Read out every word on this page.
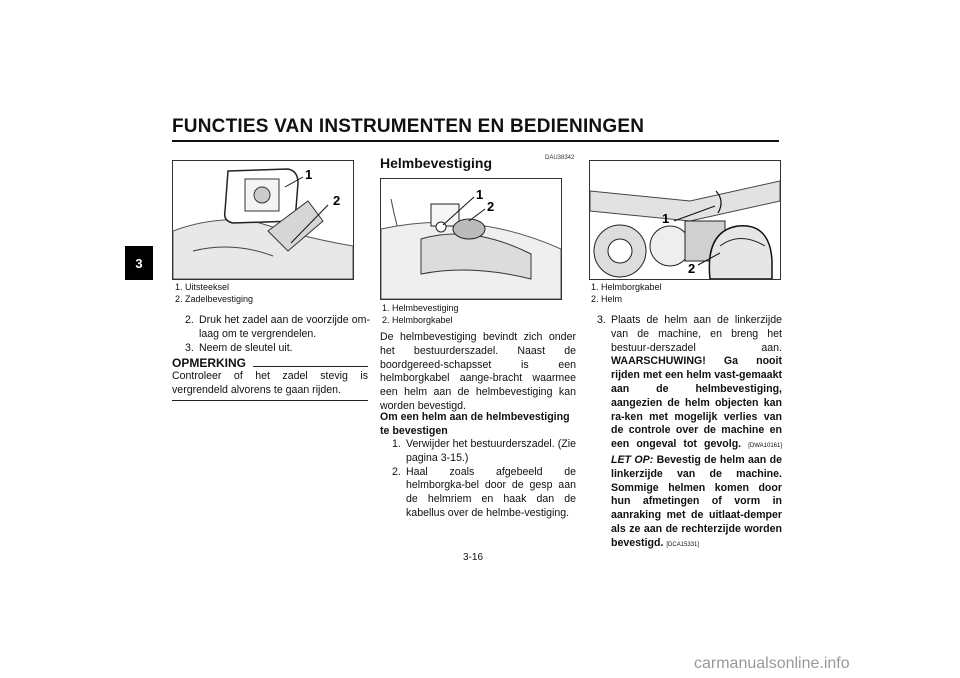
FUNCTIES VAN INSTRUMENTEN EN BEDIENINGEN
3
1
2
1. Uitsteeksel
2. Zadelbevestiging
2. Druk het zadel aan de voorzijde om-laag om te vergrendelen.
3. Neem de sleutel uit.
OPMERKING
Controleer of het zadel stevig is vergrendeld alvorens te gaan rijden.
DAU38342
Helmbevestiging
1
2
1. Helmbevestiging
2. Helmborgkabel
De helmbevestiging bevindt zich onder het bestuurderszadel. Naast de boordgereed-schapsset is een helmborgkabel aange-bracht waarmee een helm aan de helmbevestiging kan worden bevestigd.
Om een helm aan de helmbevestiging te bevestigen
1. Verwijder het bestuurderszadel. (Zie pagina 3-15.)
2. Haal zoals afgebeeld de helmborgka-bel door de gesp aan de helmriem en haak dan de kabellus over de helmbe-vestiging.
1
2
1. Helmborgkabel
2. Helm
3. Plaats de helm aan de linkerzijde van de machine, en breng het bestuur-derszadel aan. WAARSCHUWING! Ga nooit rijden met een helm vast-gemaakt aan de helmbevestiging, aangezien de helm objecten kan ra-ken met mogelijk verlies van de controle over de machine en een ongeval tot gevolg. [DWA10161] LET OP: Bevestig de helm aan de linkerzijde van de machine. Sommige helmen komen door hun afmetingen of vorm in aanraking met de uitlaat-demper als ze aan de rechterzijde worden bevestigd. [DCA15331]
3-16
carmanualsonline.info
